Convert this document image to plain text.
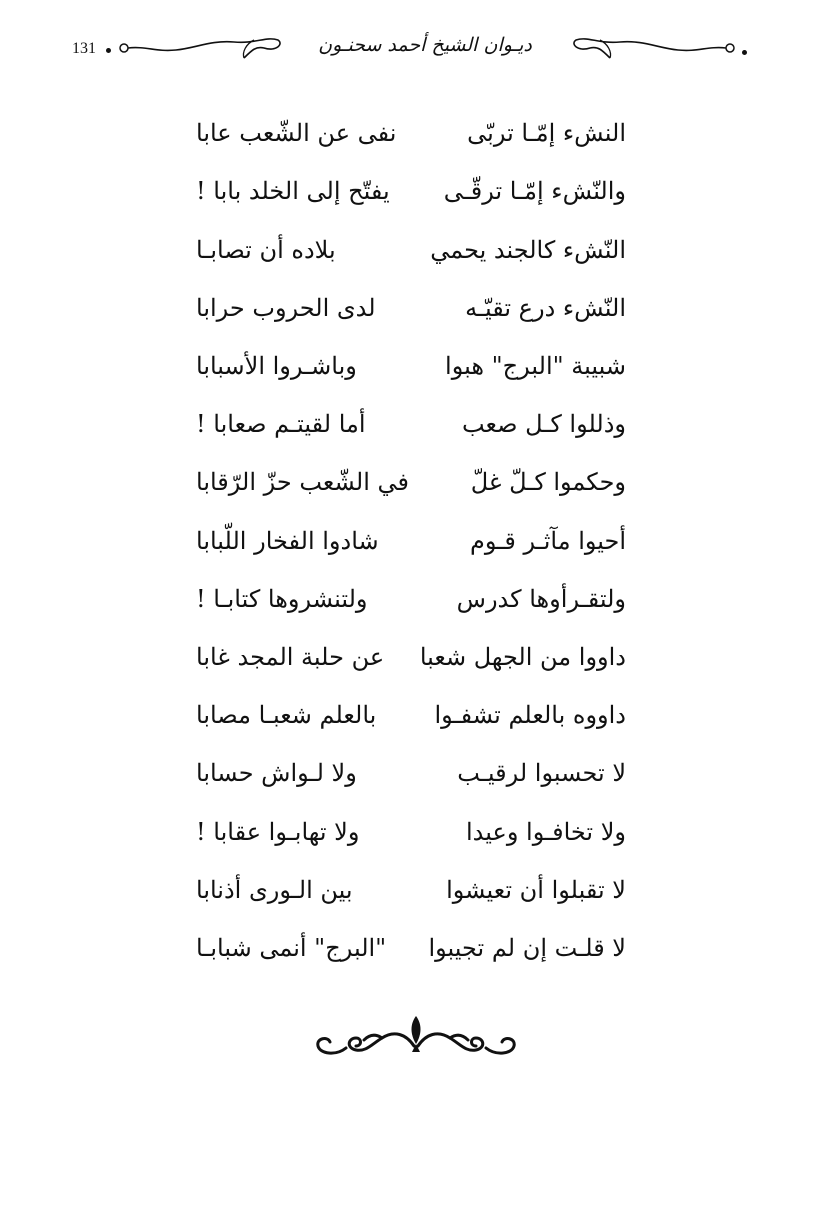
131	ديـوان الشيخ أحمد سحنـون
النشء إمّـا تربّى
نفى عن الشّعب عابا
والنّشء إمّـا ترقّـى
يفتّح إلى الخلد بابا !
النّشء كالجند يحمي
بلاده أن تصابـا
النّشء درع تقيّـه
لدى الحروب حرابا
شبيبة "البرج" هبوا
وباشـروا الأسبابا
وذللوا كـل صعب
أما لقيتـم صعابا !
وحكموا كـلّ غلّ
في الشّعب حزّ الرّقابا
أحيوا مآثـر قـوم
شادوا الفخار اللّبابا
ولتقـرأوها كدرس
ولتنشروها كتابـا !
داووا من الجهل شعبا
عن حلبة المجد غابا
داووه بالعلم تشفـوا
بالعلم شعبـا مصابا
لا تحسبوا لرقيـب
ولا لـواش حسابا
ولا تخافـوا وعيدا
ولا تهابـوا عقابا !
لا تقبلوا أن تعيشوا
بين الـورى أذنابا
لا قلـت إن لم تجيبوا
"البرج" أنمى شبابـا
